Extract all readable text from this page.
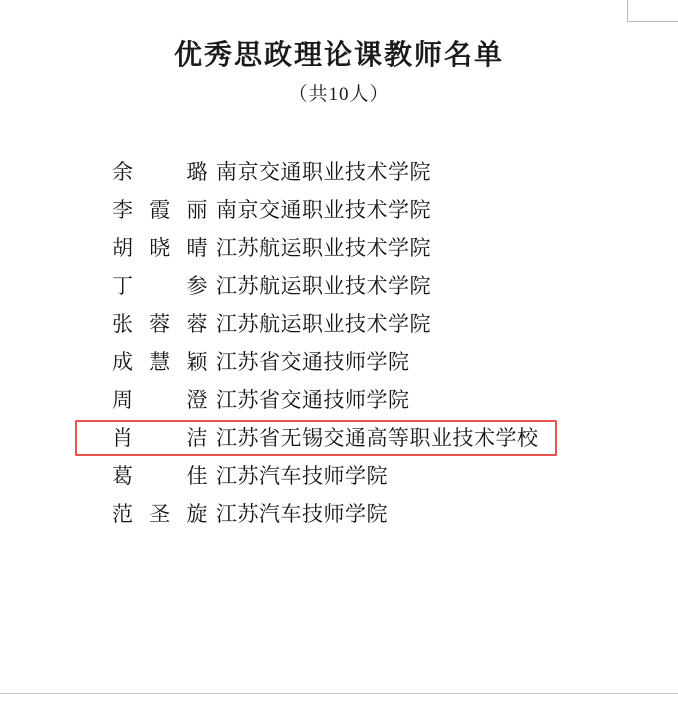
优秀思政理论课教师名单
（共10人）
余　璐 南京交通职业技术学院
李霞丽 南京交通职业技术学院
胡晓晴 江苏航运职业技术学院
丁　参 江苏航运职业技术学院
张蓉蓉 江苏航运职业技术学院
成慧颖 江苏省交通技师学院
周　澄 江苏省交通技师学院
肖　洁 江苏省无锡交通高等职业技术学校
葛　佳 江苏汽车技师学院
范圣旋 江苏汽车技师学院
